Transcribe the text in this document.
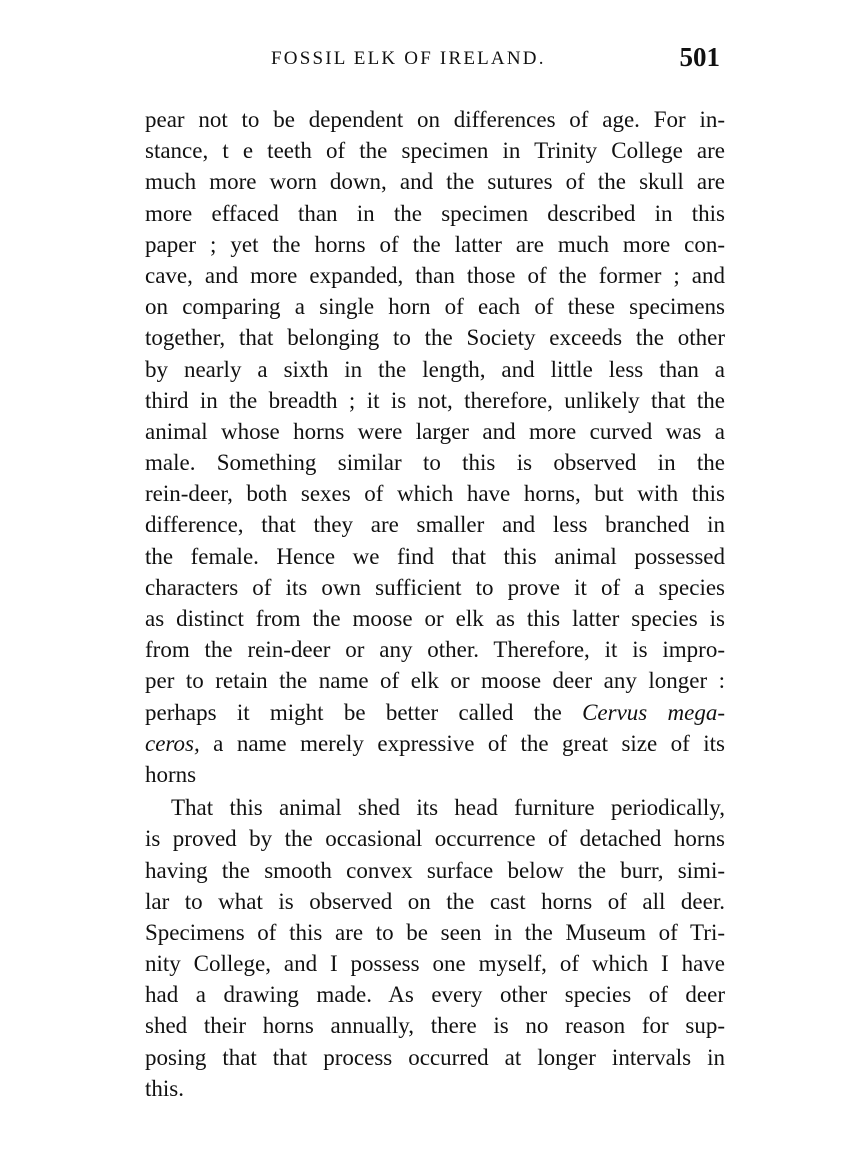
FOSSIL ELK OF IRELAND.	501
pear not to be dependent on differences of age. For in-
stance, t e teeth of the specimen in Trinity College are
much more worn down, and the sutures of the skull are
more effaced than in the specimen described in this
paper ; yet the horns of the latter are much more con-
cave, and more expanded, than those of the former ; and
on comparing a single horn of each of these specimens
together, that belonging to the Society exceeds the other
by nearly a sixth in the length, and little less than a
third in the breadth ; it is not, therefore, unlikely that the
animal whose horns were larger and more curved was a
male. Something similar to this is observed in the
rein-deer, both sexes of which have horns, but with this
difference, that they are smaller and less branched in
the female. Hence we find that this animal possessed
characters of its own sufficient to prove it of a species
as distinct from the moose or elk as this latter species is
from the rein-deer or any other. Therefore, it is impro-
per to retain the name of elk or moose deer any longer :
perhaps it might be better called the Cervus mega-
ceros, a name merely expressive of the great size of its
horns
That this animal shed its head furniture periodically,
is proved by the occasional occurrence of detached horns
having the smooth convex surface below the burr, simi-
lar to what is observed on the cast horns of all deer.
Specimens of this are to be seen in the Museum of Tri-
nity College, and I possess one myself, of which I have
had a drawing made. As every other species of deer
shed their horns annually, there is no reason for sup-
posing that that process occurred at longer intervals in
this.
